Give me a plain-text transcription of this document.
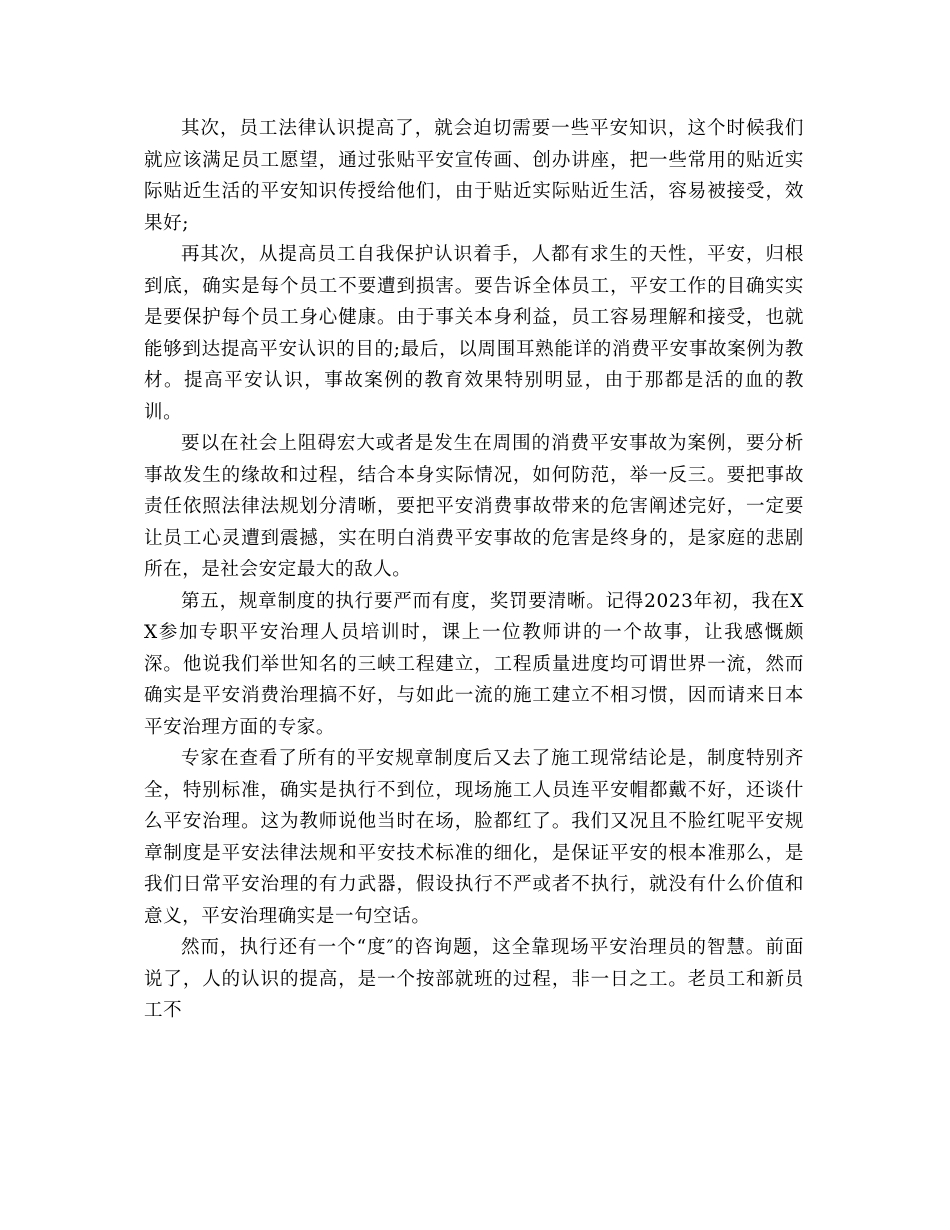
其次，员工法律认识提高了，就会迫切需要一些平安知识，这个时候我们就应该满足员工愿望，通过张贴平安宣传画、创办讲座，把一些常用的贴近实际贴近生活的平安知识传授给他们，由于贴近实际贴近生活，容易被接受，效果好;

再其次，从提高员工自我保护认识着手，人都有求生的天性，平安，归根到底，确实是每个员工不要遭到损害。要告诉全体员工，平安工作的目确实实是要保护每个员工身心健康。由于事关本身利益，员工容易理解和接受，也就能够到达提高平安认识的目的;最后，以周围耳熟能详的消费平安事故案例为教材。提高平安认识，事故案例的教育效果特别明显，由于那都是活的血的教训。

要以在社会上阻碍宏大或者是发生在周围的消费平安事故为案例，要分析事故发生的缘故和过程，结合本身实际情况，如何防范，举一反三。要把事故责任依照法律法规划分清晰，要把平安消费事故带来的危害阐述完好，一定要让员工心灵遭到震撼，实在明白消费平安事故的危害是终身的，是家庭的悲剧所在，是社会安定最大的敌人。

第五，规章制度的执行要严而有度，奖罚要清晰。记得2023年初，我在XX参加专职平安治理人员培训时，课上一位教师讲的一个故事，让我感慨颇深。他说我们举世知名的三峡工程建立，工程质量进度均可谓世界一流，然而确实是平安消费治理搞不好，与如此一流的施工建立不相习惯，因而请来日本平安治理方面的专家。

专家在查看了所有的平安规章制度后又去了施工现常结论是，制度特别齐全，特别标准，确实是执行不到位，现场施工人员连平安帽都戴不好，还谈什么平安治理。这为教师说他当时在场，脸都红了。我们又况且不脸红呢平安规章制度是平安法律法规和平安技术标准的细化，是保证平安的根本准那么，是我们日常平安治理的有力武器，假设执行不严或者不执行，就没有什么价值和意义，平安治理确实是一句空话。

然而，执行还有一个“度″的咨询题，这全靠现场平安治理员的智慧。前面说了，人的认识的提高，是一个按部就班的过程，非一日之工。老员工和新员工不
